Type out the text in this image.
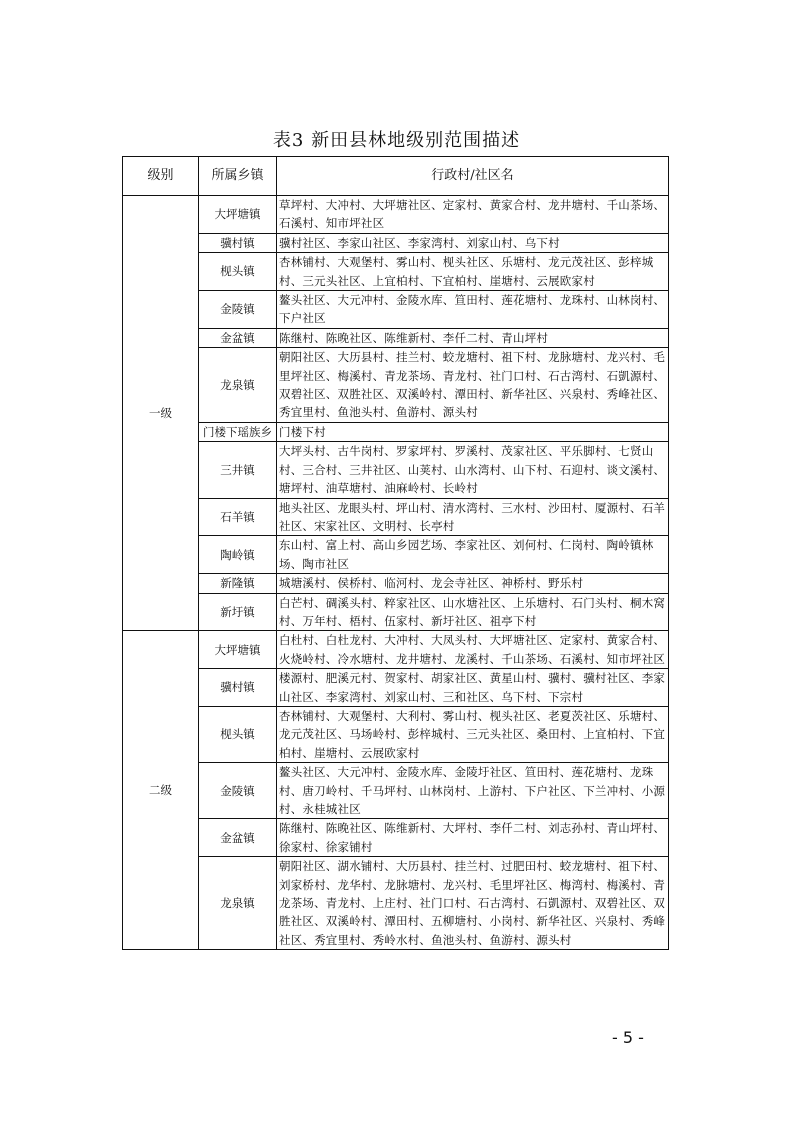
表3 新田县林地级别范围描述
级别	所属乡镇	行政村/社区名
一级	大坪塘镇	草坪村、大冲村、大坪塘社区、定家村、黄家合村、龙井塘村、千山茶场、石溪村、知市坪社区
	骥村镇	骥村社区、李家山社区、李家湾村、刘家山村、乌下村
	枧头镇	杏林铺村、大观堡村、雾山村、枧头社区、乐塘村、龙元茂社区、彭梓城村、三元头社区、上宜柏村、下宜柏村、崖塘村、云展欧家村
	金陵镇	鳌头社区、大元冲村、金陵水库、笪田村、莲花塘村、龙珠村、山林岗村、下户社区
	金盆镇	陈继村、陈晚社区、陈维新村、李仟二村、青山坪村
	龙泉镇	朝阳社区、大历县村、挂兰村、蛟龙塘村、祖下村、龙脉塘村、龙兴村、毛里坪社区、梅溪村、青龙茶场、青龙村、社门口村、石古湾村、石凱源村、双碧社区、双胜社区、双溪岭村、潭田村、新华社区、兴泉村、秀峰社区、秀宜里村、鱼池头村、鱼游村、源头村
	门楼下瑶族乡	门楼下村
	三井镇	大坪头村、古牛岗村、罗家坪村、罗溪村、茂家社区、平乐脚村、七贤山村、三合村、三井社区、山荚村、山水湾村、山下村、石迎村、谈文溪村、塘坪村、油草塘村、油麻岭村、长岭村
	石羊镇	地头社区、龙眼头村、坪山村、清水湾村、三水村、沙田村、厦源村、石羊社区、宋家社区、文明村、长亭村
	陶岭镇	东山村、富上村、高山乡园艺场、李家社区、刘何村、仁岗村、陶岭镇林场、陶市社区
	新隆镇	城塘溪村、侯桥村、临河村、龙会寺社区、神桥村、野乐村
	新圩镇	白芒村、碉溪头村、粹家社区、山水塘社区、上乐塘村、石门头村、桐木窝村、万年村、梧村、伍家村、新圩社区、祖亭下村
二级	大坪塘镇	白杜村、白杜龙村、大冲村、大凤头村、大坪塘社区、定家村、黄家合村、火烧岭村、冷水塘村、龙井塘村、龙溪村、千山茶场、石溪村、知市坪社区
	骥村镇	楼源村、肥溪元村、贺家村、胡家社区、黄星山村、骥村、骥村社区、李家山社区、李家湾村、刘家山村、三和社区、乌下村、下宗村
	枧头镇	杏林铺村、大观堡村、大利村、雾山村、枧头社区、老夏茨社区、乐塘村、龙元茂社区、马场岭村、彭梓城村、三元头社区、桑田村、上宜柏村、下宜柏村、崖塘村、云展欧家村
	金陵镇	鳌头社区、大元冲村、金陵水库、金陵圩社区、笪田村、莲花塘村、龙珠村、唐刀岭村、千马坪村、山林岗村、上游村、下户社区、下兰冲村、小源村、永桂城社区
	金盆镇	陈继村、陈晚社区、陈维新村、大坪村、李仟二村、刘志孙村、青山坪村、徐家村、徐家铺村
	龙泉镇	朝阳社区、湖水铺村、大历县村、挂兰村、过肥田村、蛟龙塘村、祖下村、刘家桥村、龙华村、龙脉塘村、龙兴村、毛里坪社区、梅湾村、梅溪村、青龙茶场、青龙村、上庄村、社门口村、石古湾村、石凱源村、双碧社区、双胜社区、双溪岭村、潭田村、五柳塘村、小岗村、新华社区、兴泉村、秀峰社区、秀宜里村、秀岭水村、鱼池头村、鱼游村、源头村
- 5 -
